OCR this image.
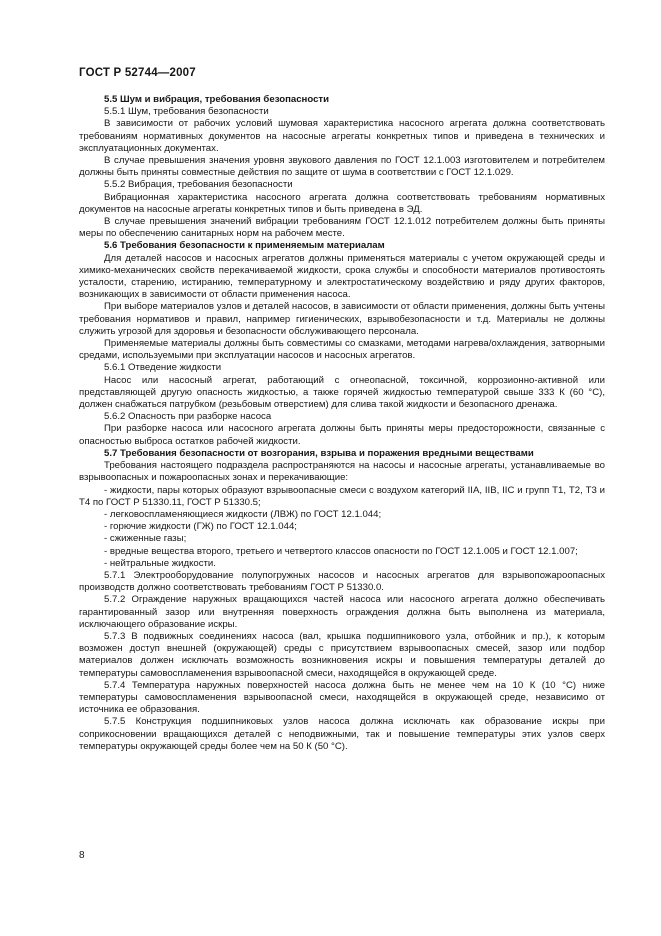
ГОСТ Р 52744—2007

5.5 Шум и вибрация, требования безопасности

5.5.1 Шум, требования безопасности

В зависимости от рабочих условий шумовая характеристика насосного агрегата должна соответствовать требованиям нормативных документов на насосные агрегаты конкретных типов и приведена в технических и эксплуатационных документах.

В случае превышения значения уровня звукового давления по ГОСТ 12.1.003 изготовителем и потребителем должны быть приняты совместные действия по защите от шума в соответствии с ГОСТ 12.1.029.

5.5.2 Вибрация, требования безопасности

Вибрационная характеристика насосного агрегата должна соответствовать требованиям нормативных документов на насосные агрегаты конкретных типов и быть приведена в ЭД.

В случае превышения значений вибрации требованиям ГОСТ 12.1.012 потребителем должны быть приняты меры по обеспечению санитарных норм на рабочем месте.

5.6 Требования безопасности к применяемым материалам

Для деталей насосов и насосных агрегатов должны применяться материалы с учетом окружающей среды и химико-механических свойств перекачиваемой жидкости, срока службы и способности материалов противостоять усталости, старению, истиранию, температурному и электростатическому воздействию и ряду других факторов, возникающих в зависимости от области применения насоса.

При выборе материалов узлов и деталей насосов, в зависимости от области применения, должны быть учтены требования нормативов и правил, например гигиенических, взрывобезопасности и т.д. Материалы не должны служить угрозой для здоровья и безопасности обслуживающего персонала.

Применяемые материалы должны быть совместимы со смазками, методами нагрева/охлаждения, затворными средами, используемыми при эксплуатации насосов и насосных агрегатов.

5.6.1 Отведение жидкости

Насос или насосный агрегат, работающий с огнеопасной, токсичной, коррозионно-активной или представляющей другую опасность жидкостью, а также горячей жидкостью температурой свыше 333 К (60 °С), должен снабжаться патрубком (резьбовым отверстием) для слива такой жидкости и безопасного дренажа.

5.6.2 Опасность при разборке насоса

При разборке насоса или насосного агрегата должны быть приняты меры предосторожности, связанные с опасностью выброса остатков рабочей жидкости.

5.7 Требования безопасности от возгорания, взрыва и поражения вредными веществами

Требования настоящего подраздела распространяются на насосы и насосные агрегаты, устанавливаемые во взрывоопасных и пожароопасных зонах и перекачивающие:

- жидкости, пары которых образуют взрывоопасные смеси с воздухом категорий IIA, IIB, IIC и групп Т1, Т2, Т3 и Т4 по ГОСТ Р 51330.11, ГОСТ Р 51330.5;

- легковоспламеняющиеся жидкости (ЛВЖ) по ГОСТ 12.1.044;

- горючие жидкости (ГЖ) по ГОСТ 12.1.044;

- сжиженные газы;

- вредные вещества второго, третьего и четвертого классов опасности по ГОСТ 12.1.005 и ГОСТ 12.1.007;

- нейтральные жидкости.

5.7.1 Электрооборудование полупогружных насосов и насосных агрегатов для взрывопожароопасных производств должно соответствовать требованиям ГОСТ Р 51330.0.

5.7.2 Ограждение наружных вращающихся частей насоса или насосного агрегата должно обеспечивать гарантированный зазор или внутренняя поверхность ограждения должна быть выполнена из материала, исключающего образование искры.

5.7.3 В подвижных соединениях насоса (вал, крышка подшипникового узла, отбойник и пр.), к которым возможен доступ внешней (окружающей) среды с присутствием взрывоопасных смесей, зазор или подбор материалов должен исключать возможность возникновения искры и повышения температуры деталей до температуры самовоспламенения взрывоопасной смеси, находящейся в окружающей среде.

5.7.4 Температура наружных поверхностей насоса должна быть не менее чем на 10 К (10 °С) ниже температуры самовоспламенения взрывоопасной смеси, находящейся в окружающей среде, независимо от источника ее образования.

5.7.5 Конструкция подшипниковых узлов насоса должна исключать как образование искры при соприкосновении вращающихся деталей с неподвижными, так и повышение температуры этих узлов сверх температуры окружающей среды более чем на 50 К (50 °С).

8
